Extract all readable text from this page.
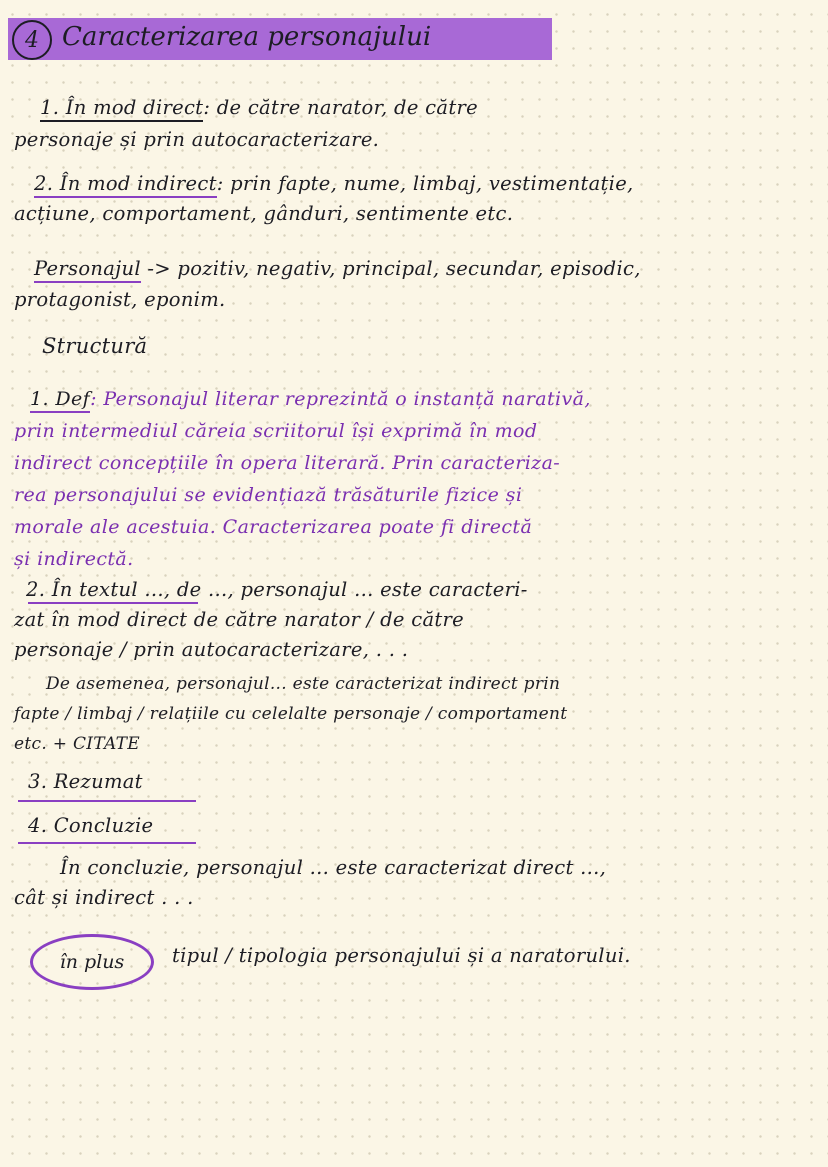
4 Caracterizarea personajului
1. În mod direct: de către narator, de către
personaje și prin autocaracterizare.
2. În mod indirect: prin fapte, nume, limbaj, vestimentație,
acțiune, comportament, gânduri, sentimente etc.
Personajul -> pozitiv, negativ, principal, secundar, episodic,
protagonist, eponim.
Structură
1. Def: Personajul literar reprezintă o instanță narativă,
prin intermediul căreia scriitorul își exprimă în mod
indirect concepțiile în opera literară. Prin caracteriza-
rea personajului se evidențiază trăsăturile fizice și
morale ale acestuia. Caracterizarea poate fi directă
și indirectă.
2. În textul ..., de ..., personajul ... este caracteri-
zat în mod direct de către narator / de către
personaje / prin autocaracterizare, . . .
De asemenea, personajul... este caracterizat indirect prin
fapte / limbaj / relațiile cu celelalte personaje / comportament
etc. + CITATE
3. Rezumat
4. Concluzie
În concluzie, personajul ... este caracterizat direct ...,
cât și indirect . . .
în plus tipul / tipologia personajului și a naratorului.
